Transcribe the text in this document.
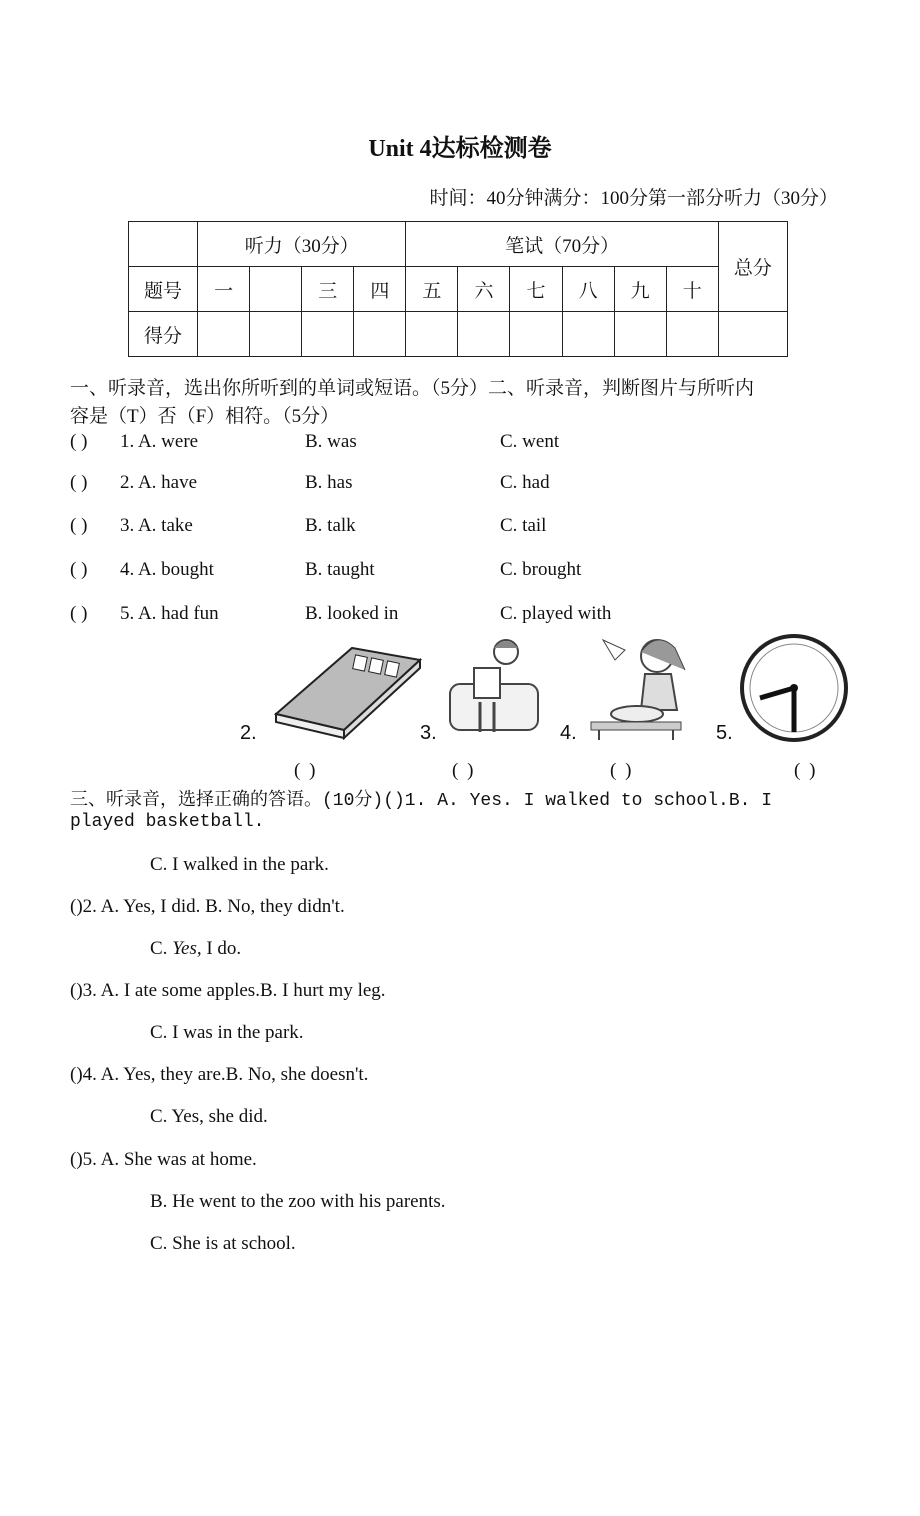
Unit 4达标检测卷
时间：40分钟满分：100分第一部分听力（30分）
	听力（30分）				笔试（70分）						总分
题号	一		三	四	五	六	七	八	九	十	
得分											
一、听录音，选出你所听到的单词或短语。（5分）二、听录音，判断图片与所听内
容是（T）否（F）相符。（5分）
( ) 1. A. were	B. was	C. went
( ) 2. A. have	B. has	C. had
( ) 3. A. take	B. talk	C. tail
( ) 4. A. bought	B. taught	C. brought
( ) 5. A. had fun	B. looked in	C. played with
2.	3.	4.	5.
( )	( )	( )	( )
三、听录音，选择正确的答语。(10分)()1. A. Yes. I walked to school.B. I
played basketball.
C. I walked in the park.
()2. A. Yes, I did. B. No, they didn't.
C. Yes, I do.
()3. A. I ate some apples.B. I hurt my leg.
C. I was in the park.
()4. A. Yes, they are.B. No, she doesn't.
C. Yes, she did.
()5. A. She was at home.
B. He went to the zoo with his parents.
C. She is at school.
